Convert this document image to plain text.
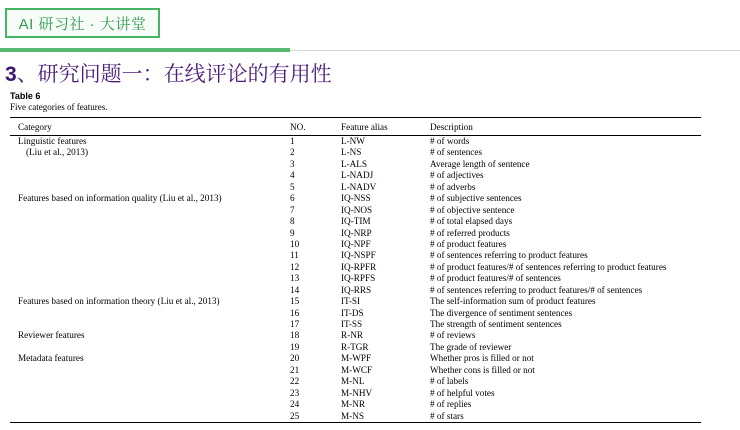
AI 研习社 · 大讲堂
3、研究问题一：在线评论的有用性
Table 6
Five categories of features.
Category	NO.	Feature alias	Description
Linguistic features	1	L-NW	# of words
(Liu et al., 2013)	2	L-NS	# of sentences
	3	L-ALS	Average length of sentence
	4	L-NADJ	# of adjectives
	5	L-NADV	# of adverbs
Features based on information quality (Liu et al., 2013)	6	IQ-NSS	# of subjective sentences
	7	IQ-NOS	# of objective sentence
	8	IQ-TIM	# of total elapsed days
	9	IQ-NRP	# of referred products
	10	IQ-NPF	# of product features
	11	IQ-NSPF	# of sentences referring to product features
	12	IQ-RPFR	# of product features/# of sentences referring to product features
	13	IQ-RPFS	# of product features/# of sentences
	14	IQ-RRS	# of sentences referring to product features/# of sentences
Features based on information theory (Liu et al., 2013)	15	IT-SI	The self-information sum of product features
	16	IT-DS	The divergence of sentiment sentences
	17	IT-SS	The strength of sentiment sentences
Reviewer features	18	R-NR	# of reviews
	19	R-TGR	The grade of reviewer
Metadata features	20	M-WPF	Whether pros is filled or not
	21	M-WCF	Whether cons is filled or not
	22	M-NL	# of labels
	23	M-NHV	# of helpful votes
	24	M-NR	# of replies
	25	M-NS	# of stars
